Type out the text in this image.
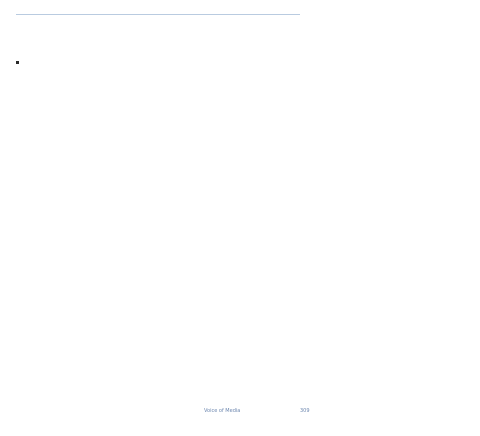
Voice of Media	309
